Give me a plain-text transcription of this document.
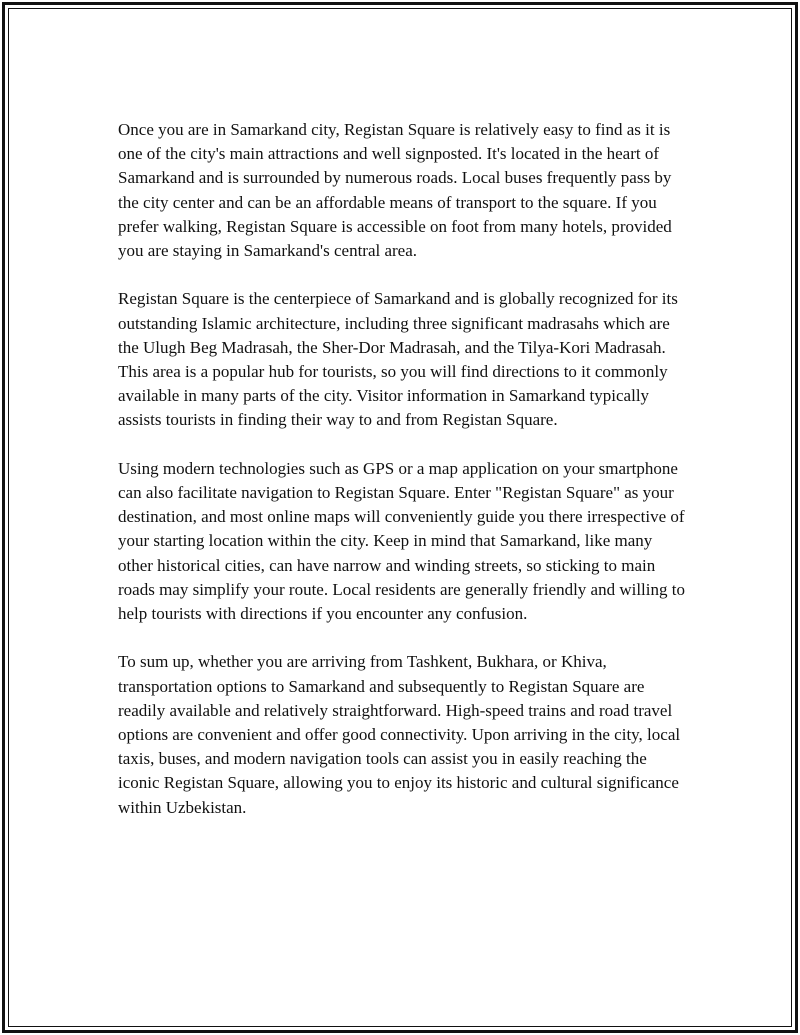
Once you are in Samarkand city, Registan Square is relatively easy to find as it is one of the city's main attractions and well signposted. It's located in the heart of Samarkand and is surrounded by numerous roads. Local buses frequently pass by the city center and can be an affordable means of transport to the square. If you prefer walking, Registan Square is accessible on foot from many hotels, provided you are staying in Samarkand's central area.

Registan Square is the centerpiece of Samarkand and is globally recognized for its outstanding Islamic architecture, including three significant madrasahs which are the Ulugh Beg Madrasah, the Sher-Dor Madrasah, and the Tilya-Kori Madrasah. This area is a popular hub for tourists, so you will find directions to it commonly available in many parts of the city. Visitor information in Samarkand typically assists tourists in finding their way to and from Registan Square.

Using modern technologies such as GPS or a map application on your smartphone can also facilitate navigation to Registan Square. Enter "Registan Square" as your destination, and most online maps will conveniently guide you there irrespective of your starting location within the city. Keep in mind that Samarkand, like many other historical cities, can have narrow and winding streets, so sticking to main roads may simplify your route. Local residents are generally friendly and willing to help tourists with directions if you encounter any confusion.

To sum up, whether you are arriving from Tashkent, Bukhara, or Khiva, transportation options to Samarkand and subsequently to Registan Square are readily available and relatively straightforward. High-speed trains and road travel options are convenient and offer good connectivity. Upon arriving in the city, local taxis, buses, and modern navigation tools can assist you in easily reaching the iconic Registan Square, allowing you to enjoy its historic and cultural significance within Uzbekistan.
